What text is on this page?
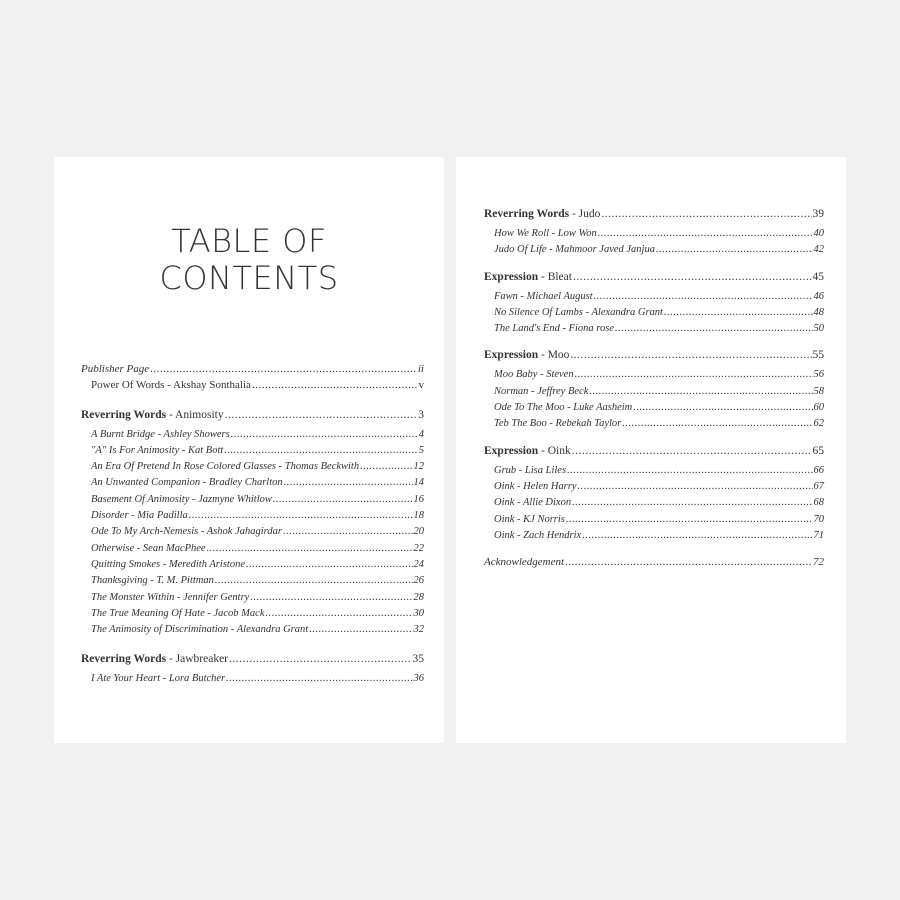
TABLE OF
CONTENTS
Publisher Page .....	ii
Power Of Words - Akshay Sonthalia .....	v
Reverring Words - Animosity .....	3
A Burnt Bridge - Ashley Showers .....	4
"A" Is For Animosity - Kat Bott .....	5
An Era Of Pretend In Rose Colored Glasses - Thomas Beckwith .....	12
An Unwanted Companion - Bradley Charlton .....	14
Basement Of Animosity - Jazmyne Whitlow .....	16
Disorder - Mia Padilla .....	18
Ode To My Arch-Nemesis - Ashok Jahagirdar .....	20
Otherwise - Sean MacPhee .....	22
Quitting Smokes - Meredith Aristone .....	24
Thanksgiving - T. M. Pittman .....	26
The Monster Within - Jennifer Gentry .....	28
The True Meaning Of Hate - Jacob Mack .....	30
The Animosity of Discrimination - Alexandra Grant .....	32
Reverring Words - Jawbreaker .....	35
I Ate Your Heart - Lora Butcher .....	36
Reverring Words - Judo .....	39
How We Roll - Low Won .....	40
Judo Of Life - Mahmoor Javed Janjua .....	42
Expression - Bleat .....	45
Fawn - Michael August .....	46
No Silence Of Lambs - Alexandra Grant .....	48
The Land's End - Fiona rose .....	50
Expression - Moo .....	55
Moo Baby - Steven .....	56
Norman - Jeffrey Beck .....	58
Ode To The Moo - Luke Aasheim .....	60
Teb The Boo - Rebekah Taylor .....	62
Expression - Oink .....	65
Grub - Lisa Liles .....	66
Oink - Helen Harry .....	67
Oink - Allie Dixon .....	68
Oink - KJ Norris .....	70
Oink - Zach Hendrix .....	71
Acknowledgement .....	72
